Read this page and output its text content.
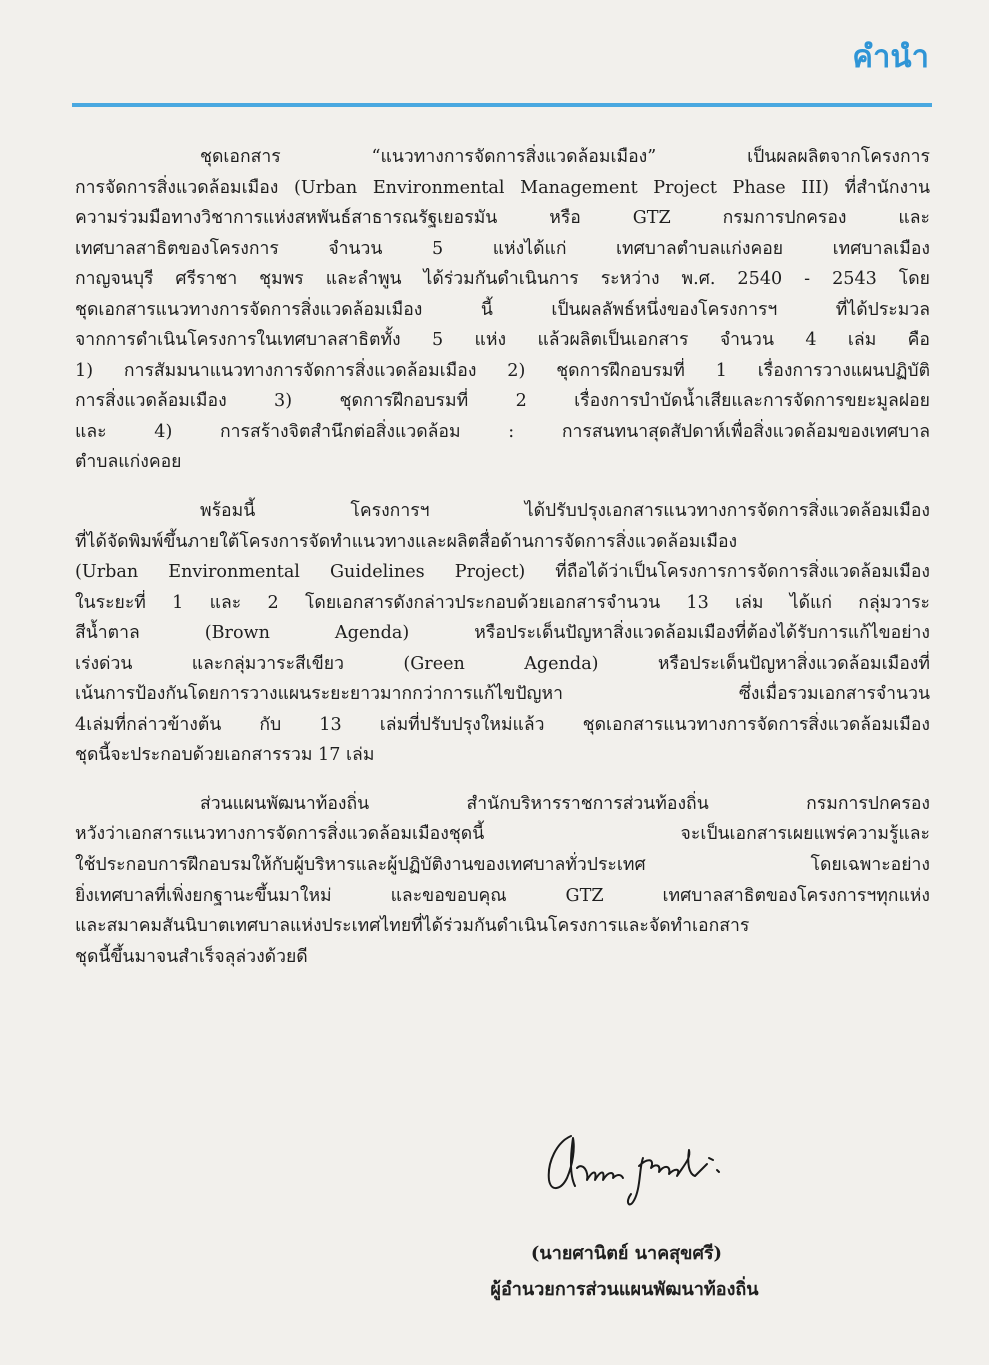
คำนำ

ชุดเอกสาร “แนวทางการจัดการสิ่งแวดล้อมเมือง” เป็นผลผลิตจากโครงการ
การจัดการสิ่งแวดล้อมเมือง (Urban Environmental Management Project Phase III) ที่สำนักงาน
ความร่วมมือทางวิชาการแห่งสหพันธ์สาธารณรัฐเยอรมัน หรือ GTZ กรมการปกครอง และ
เทศบาลสาธิตของโครงการ จำนวน 5 แห่งได้แก่ เทศบาลตำบลแก่งคอย เทศบาลเมือง
กาญจนบุรี ศรีราชา ชุมพร และลำพูน ได้ร่วมกันดำเนินการ ระหว่าง พ.ศ. 2540 - 2543 โดย
ชุดเอกสารแนวทางการจัดการสิ่งแวดล้อมเมือง นี้ เป็นผลลัพธ์หนึ่งของโครงการฯ ที่ได้ประมวล
จากการดำเนินโครงการในเทศบาลสาธิตทั้ง 5 แห่ง แล้วผลิตเป็นเอกสาร จำนวน 4 เล่ม คือ
1) การสัมมนาแนวทางการจัดการสิ่งแวดล้อมเมือง 2) ชุดการฝึกอบรมที่ 1 เรื่องการวางแผนปฏิบัติ
การสิ่งแวดล้อมเมือง 3) ชุดการฝึกอบรมที่ 2 เรื่องการบำบัดน้ำเสียและการจัดการขยะมูลฝอย
และ 4) การสร้างจิตสำนึกต่อสิ่งแวดล้อม : การสนทนาสุดสัปดาห์เพื่อสิ่งแวดล้อมของเทศบาล
ตำบลแก่งคอย

พร้อมนี้ โครงการฯ ได้ปรับปรุงเอกสารแนวทางการจัดการสิ่งแวดล้อมเมือง
ที่ได้จัดพิมพ์ขึ้นภายใต้โครงการจัดทำแนวทางและผลิตสื่อด้านการจัดการสิ่งแวดล้อมเมือง
(Urban Environmental Guidelines Project) ที่ถือได้ว่าเป็นโครงการการจัดการสิ่งแวดล้อมเมือง
ในระยะที่ 1 และ 2 โดยเอกสารดังกล่าวประกอบด้วยเอกสารจำนวน 13 เล่ม ได้แก่ กลุ่มวาระ
สีน้ำตาล (Brown Agenda) หรือประเด็นปัญหาสิ่งแวดล้อมเมืองที่ต้องได้รับการแก้ไขอย่าง
เร่งด่วน และกลุ่มวาระสีเขียว (Green Agenda) หรือประเด็นปัญหาสิ่งแวดล้อมเมืองที่
เน้นการป้องกันโดยการวางแผนระยะยาวมากกว่าการแก้ไขปัญหา ซึ่งเมื่อรวมเอกสารจำนวน
4เล่มที่กล่าวข้างต้น กับ 13 เล่มที่ปรับปรุงใหม่แล้ว ชุดเอกสารแนวทางการจัดการสิ่งแวดล้อมเมือง
ชุดนี้จะประกอบด้วยเอกสารรวม 17 เล่ม

ส่วนแผนพัฒนาท้องถิ่น สำนักบริหารราชการส่วนท้องถิ่น กรมการปกครอง
หวังว่าเอกสารแนวทางการจัดการสิ่งแวดล้อมเมืองชุดนี้ จะเป็นเอกสารเผยแพร่ความรู้และ
ใช้ประกอบการฝึกอบรมให้กับผู้บริหารและผู้ปฏิบัติงานของเทศบาลทั่วประเทศ โดยเฉพาะอย่าง
ยิ่งเทศบาลที่เพิ่งยกฐานะขึ้นมาใหม่ และขอขอบคุณ GTZ เทศบาลสาธิตของโครงการฯทุกแห่ง
และสมาคมสันนิบาตเทศบาลแห่งประเทศไทยที่ได้ร่วมกันดำเนินโครงการและจัดทำเอกสาร
ชุดนี้ขึ้นมาจนสำเร็จลุล่วงด้วยดี

(นายศานิตย์ นาคสุขศรี)
ผู้อำนวยการส่วนแผนพัฒนาท้องถิ่น
